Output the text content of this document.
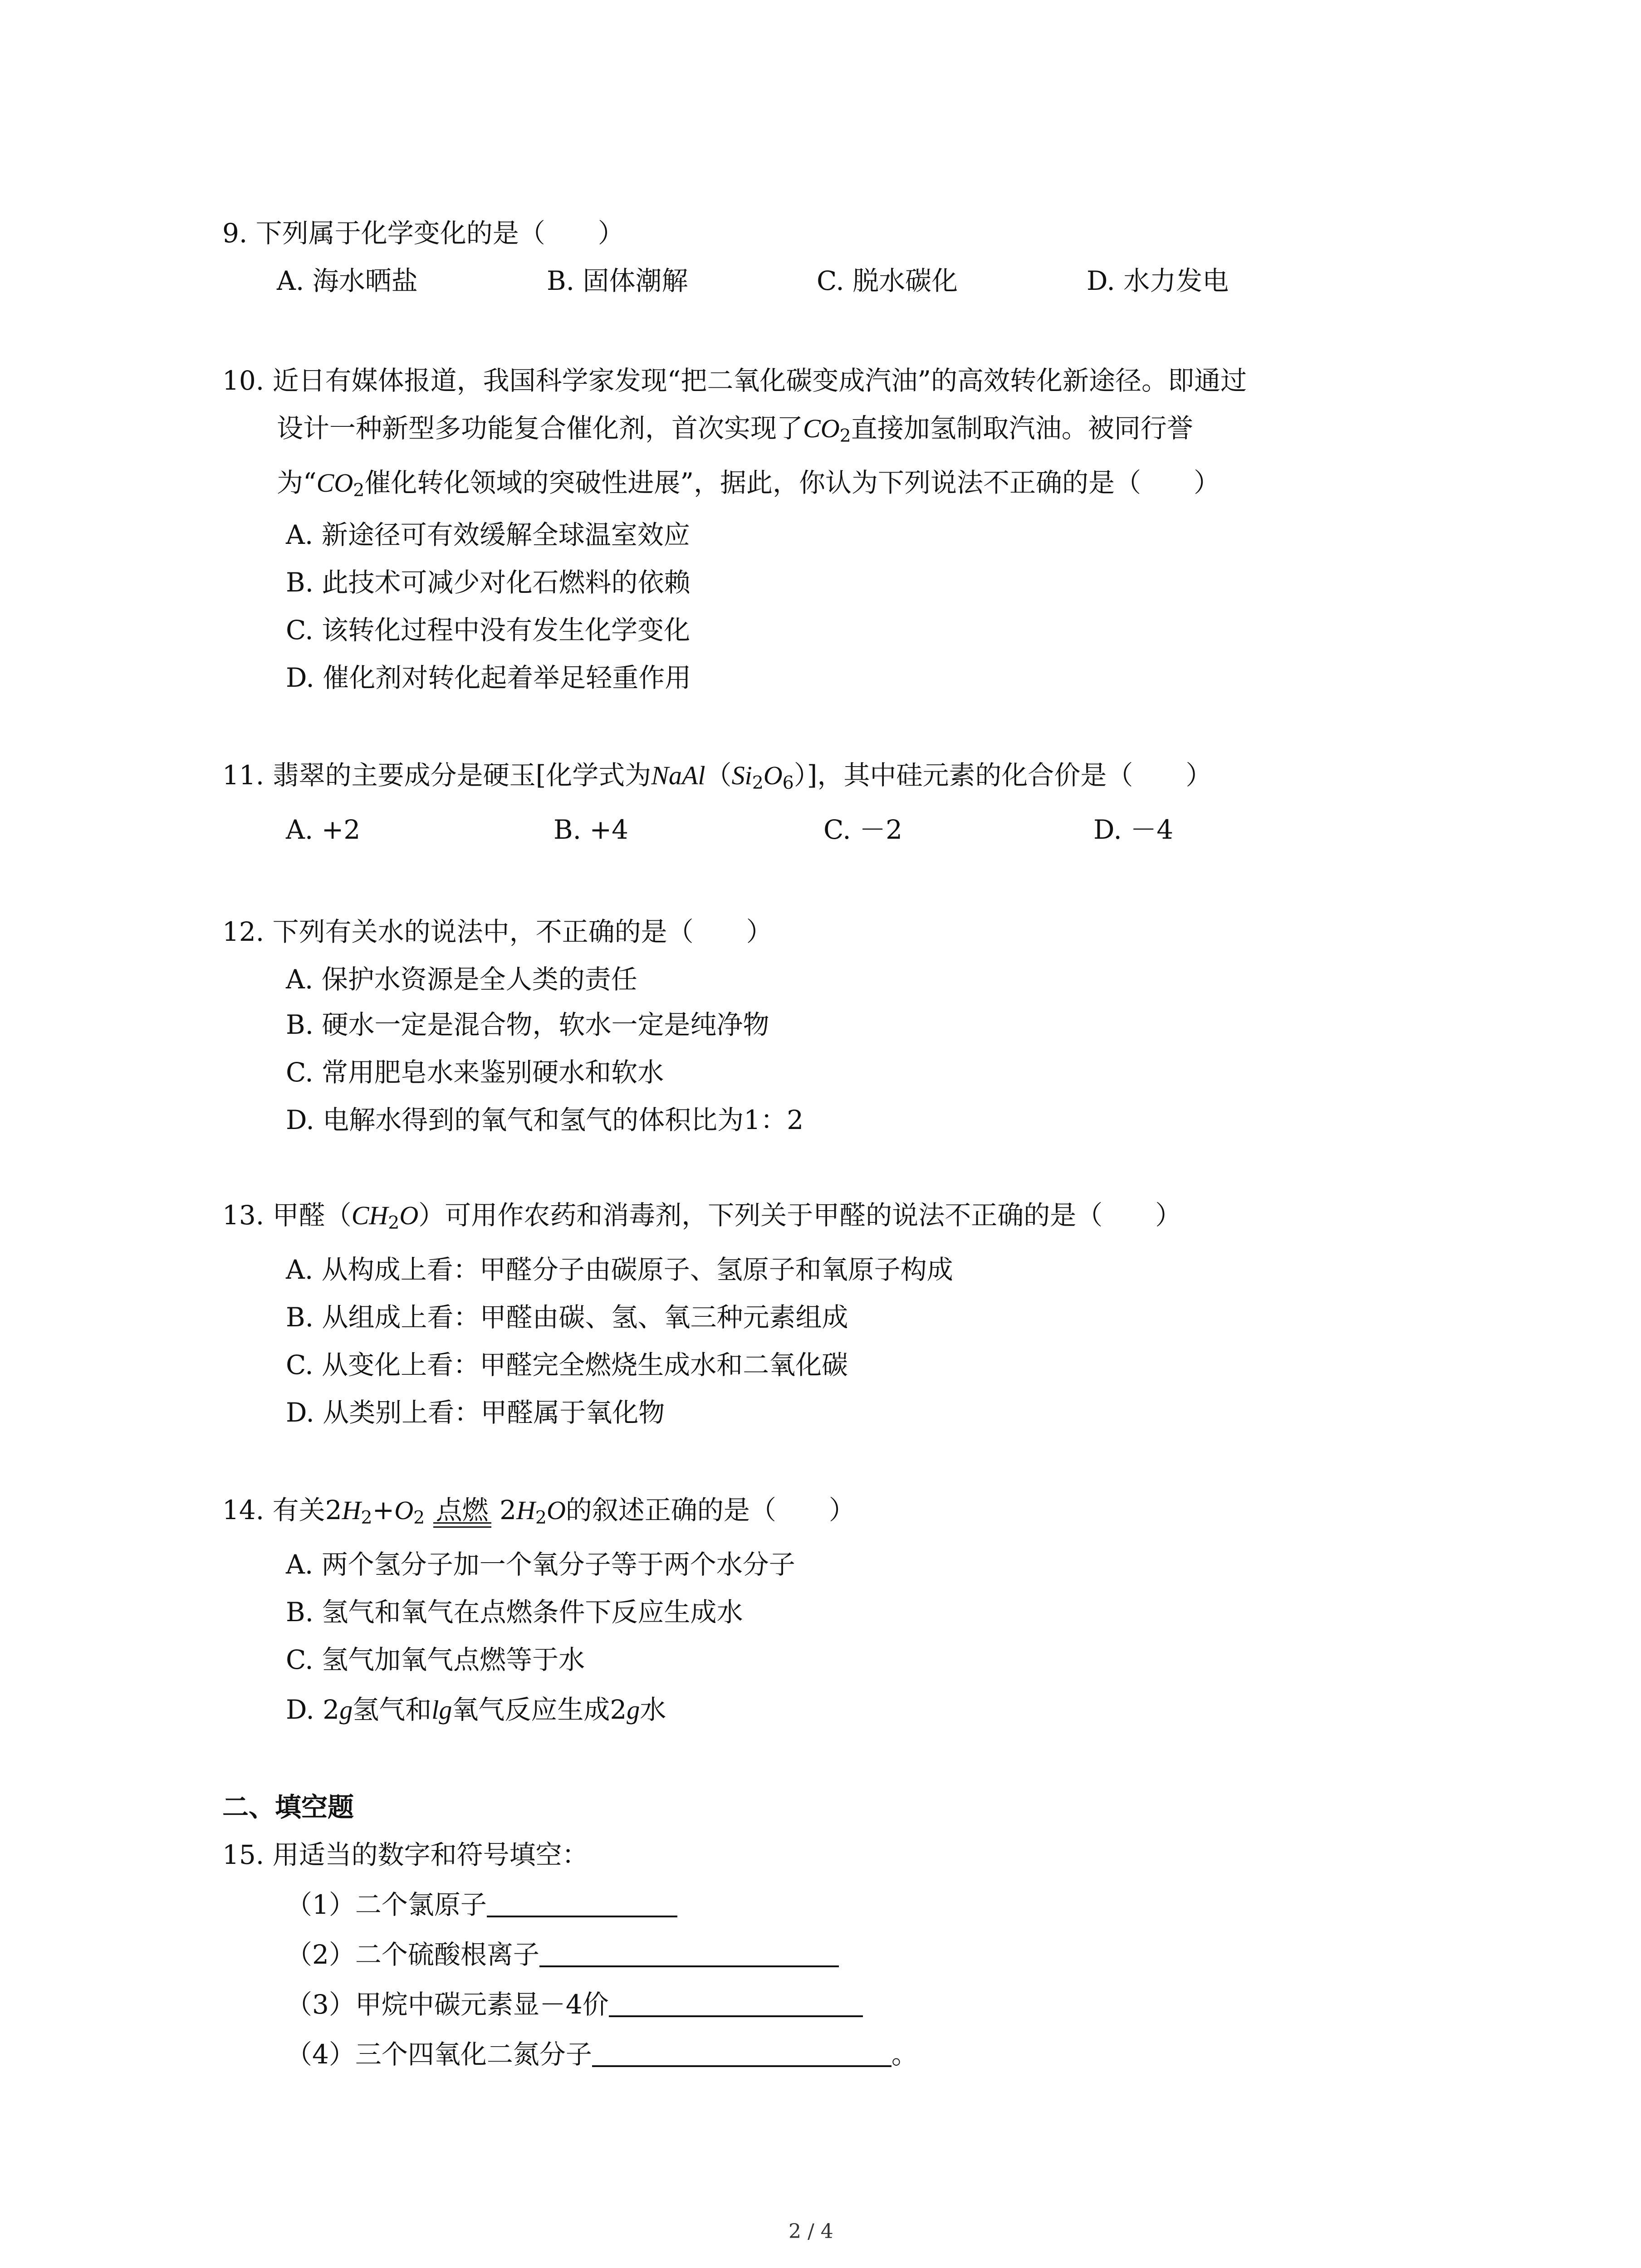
9. 下列属于化学变化的是（　　）
A. 海水晒盐	B. 固体潮解	C. 脱水碳化	D. 水力发电
10. 近日有媒体报道，我国科学家发现“把二氧化碳变成汽油”的高效转化新途径。即通过
设计一种新型多功能复合催化剂，首次实现了$CO_2$直接加氢制取汽油。被同行誉
为“$CO_2$催化转化领域的突破性进展”，据此，你认为下列说法不正确的是（　　）
A. 新途径可有效缓解全球温室效应
B. 此技术可减少对化石燃料的依赖
C. 该转化过程中没有发生化学变化
D. 催化剂对转化起着举足轻重作用
11. 翡翠的主要成分是硬玉[化学式为$NaAl(Si_2O_6)$]，其中硅元素的化合价是（　　）
A. +2	B. +4	C. －2	D. －4
12. 下列有关水的说法中，不正确的是（　　）
A. 保护水资源是全人类的责任
B. 硬水一定是混合物，软水一定是纯净物
C. 常用肥皂水来鉴别硬水和软水
D. 电解水得到的氧气和氢气的体积比为1：2
13. 甲醛$(CH_2O)$可用作农药和消毒剂，下列关于甲醛的说法不正确的是（　　）
A. 从构成上看：甲醛分子由碳原子、氢原子和氧原子构成
B. 从组成上看：甲醛由碳、氢、氧三种元素组成
C. 从变化上看：甲醛完全燃烧生成水和二氧化碳
D. 从类别上看：甲醛属于氧化物
14. 有关$2H_2+O_2$ 点燃 $2H_2O$的叙述正确的是（　　）
A. 两个氢分子加一个氧分子等于两个水分子
B. 氢气和氧气在点燃条件下反应生成水
C. 氢气加氧气点燃等于水
D. 2g氢气和lg氧气反应生成2g水
二、填空题
15. 用适当的数字和符号填空：
（1）二个氯原子
（2）二个硫酸根离子
（3）甲烷中碳元素显－4价
（4）三个四氧化二氮分子	。
2 / 4
